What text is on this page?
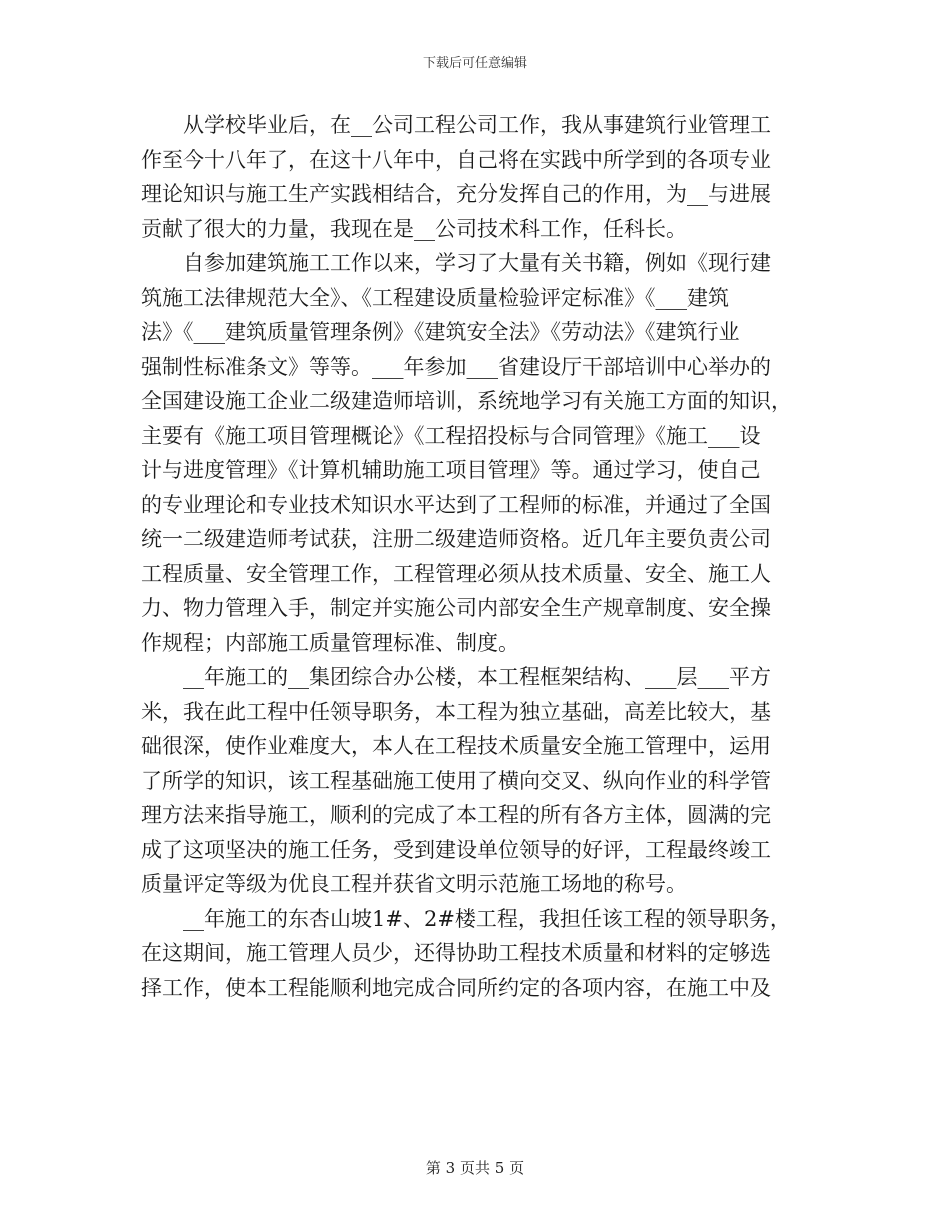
下载后可任意编辑

从学校毕业后，在__公司工程公司工作，我从事建筑行业管理工
作至今十八年了，在这十八年中，自己将在实践中所学到的各项专业
理论知识与施工生产实践相结合，充分发挥自己的作用，为__与进展
贡献了很大的力量，我现在是__公司技术科工作，任科长。

自参加建筑施工工作以来，学习了大量有关书籍，例如《现行建
筑施工法律规范大全》、《工程建设质量检验评定标准》《___建筑
法》《___建筑质量管理条例》《建筑安全法》《劳动法》《建筑行业
强制性标准条文》等等。___年参加___省建设厅干部培训中心举办的
全国建设施工企业二级建造师培训，系统地学习有关施工方面的知识，
主要有《施工项目管理概论》《工程招投标与合同管理》《施工___设
计与进度管理》《计算机辅助施工项目管理》等。通过学习，使自己
的专业理论和专业技术知识水平达到了工程师的标准，并通过了全国
统一二级建造师考试获，注册二级建造师资格。近几年主要负责公司
工程质量、安全管理工作，工程管理必须从技术质量、安全、施工人
力、物力管理入手，制定并实施公司内部安全生产规章制度、安全操
作规程；内部施工质量管理标准、制度。

__年施工的__集团综合办公楼，本工程框架结构、___层___平方
米，我在此工程中任领导职务，本工程为独立基础，高差比较大，基
础很深，使作业难度大，本人在工程技术质量安全施工管理中，运用
了所学的知识，该工程基础施工使用了横向交叉、纵向作业的科学管
理方法来指导施工，顺利的完成了本工程的所有各方主体，圆满的完
成了这项坚决的施工任务，受到建设单位领导的好评，工程最终竣工
质量评定等级为优良工程并获省文明示范施工场地的称号。

__年施工的东杏山坡1#、2#楼工程，我担任该工程的领导职务，
在这期间，施工管理人员少，还得协助工程技术质量和材料的定够选
择工作，使本工程能顺利地完成合同所约定的各项内容，在施工中及

第 3 页共 5 页
